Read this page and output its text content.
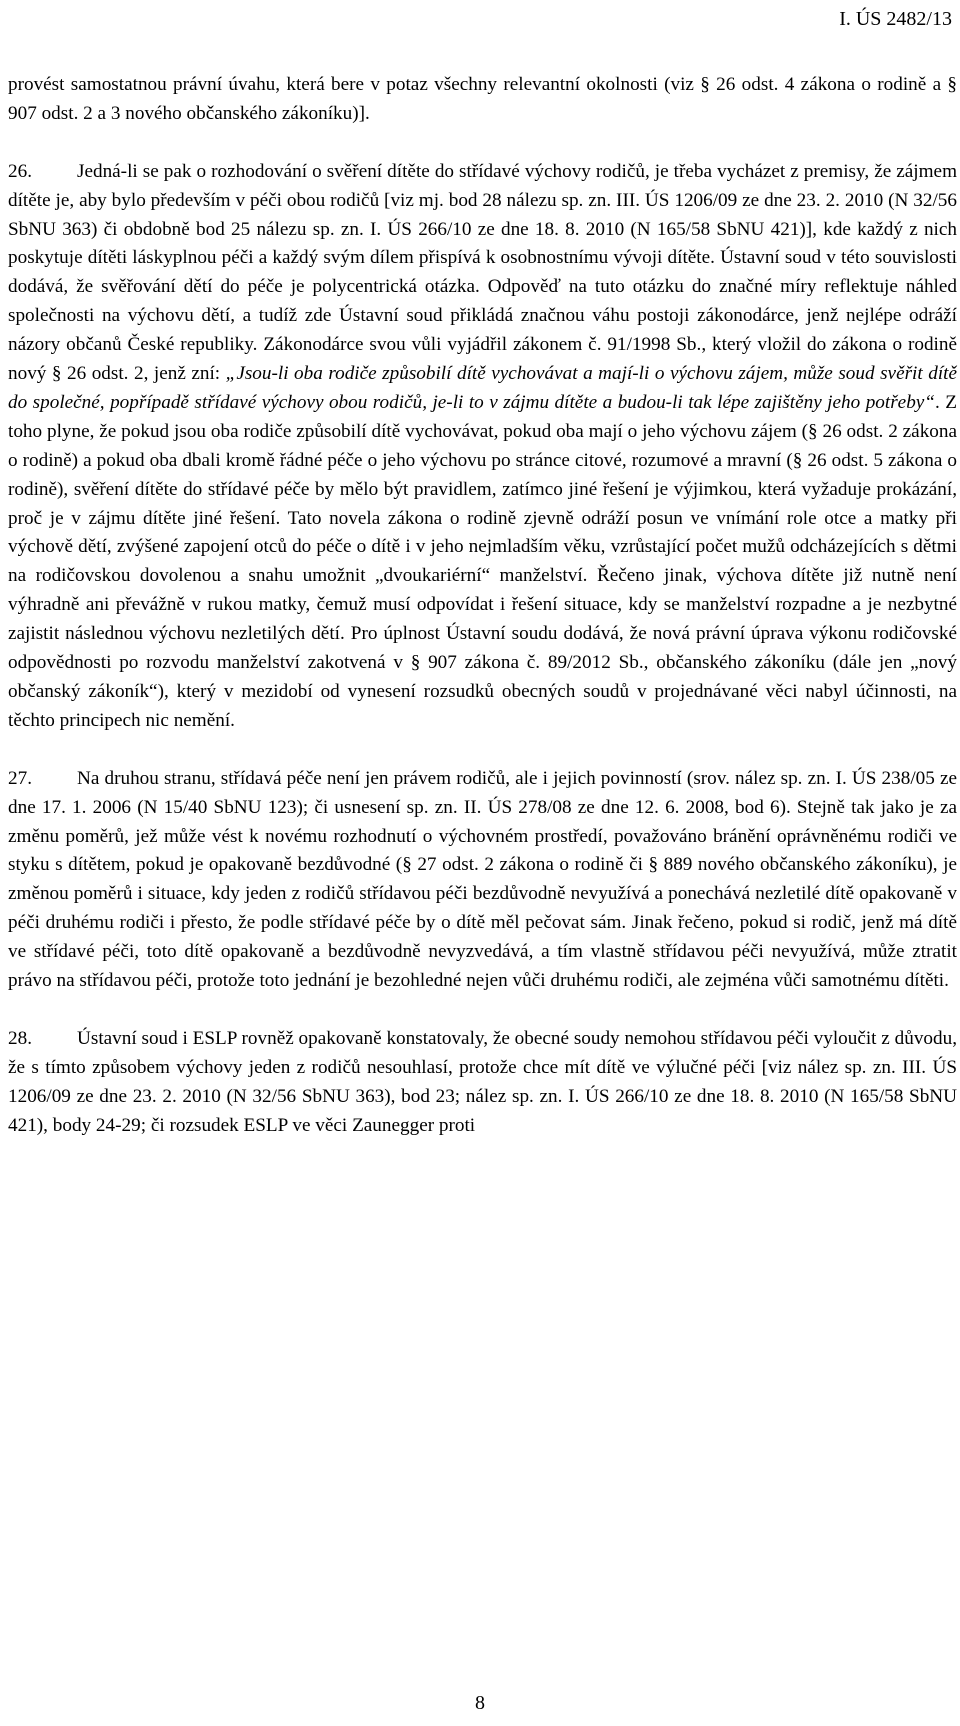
I. ÚS 2482/13

provést samostatnou právní úvahu, která bere v potaz všechny relevantní okolnosti (viz § 26 odst. 4 zákona o rodině a § 907 odst. 2 a 3 nového občanského zákoníku)].

26. Jedná-li se pak o rozhodování o svěření dítěte do střídavé výchovy rodičů, je třeba vycházet z premisy, že zájmem dítěte je, aby bylo především v péči obou rodičů [viz mj. bod 28 nálezu sp. zn. III. ÚS 1206/09 ze dne 23. 2. 2010 (N 32/56 SbNU 363) či obdobně bod 25 nálezu sp. zn. I. ÚS 266/10 ze dne 18. 8. 2010 (N 165/58 SbNU 421)], kde každý z nich poskytuje dítěti láskyplnou péči a každý svým dílem přispívá k osobnostnímu vývoji dítěte. Ústavní soud v této souvislosti dodává, že svěřování dětí do péče je polycentrická otázka. Odpověď na tuto otázku do značné míry reflektuje náhled společnosti na výchovu dětí, a tudíž zde Ústavní soud přikládá značnou váhu postoji zákonodárce, jenž nejlépe odráží názory občanů České republiky. Zákonodárce svou vůli vyjádřil zákonem č. 91/1998 Sb., který vložil do zákona o rodině nový § 26 odst. 2, jenž zní: „Jsou-li oba rodiče způsobilí dítě vychovávat a mají-li o výchovu zájem, může soud svěřit dítě do společné, popřípadě střídavé výchovy obou rodičů, je-li to v zájmu dítěte a budou-li tak lépe zajištěny jeho potřeby“. Z toho plyne, že pokud jsou oba rodiče způsobilí dítě vychovávat, pokud oba mají o jeho výchovu zájem (§ 26 odst. 2 zákona o rodině) a pokud oba dbali kromě řádné péče o jeho výchovu po stránce citové, rozumové a mravní (§ 26 odst. 5 zákona o rodině), svěření dítěte do střídavé péče by mělo být pravidlem, zatímco jiné řešení je výjimkou, která vyžaduje prokázání, proč je v zájmu dítěte jiné řešení. Tato novela zákona o rodině zjevně odráží posun ve vnímání role otce a matky při výchově dětí, zvýšené zapojení otců do péče o dítě i v jeho nejmladším věku, vzrůstající počet mužů odcházejících s dětmi na rodičovskou dovolenou a snahu umožnit „dvoukariérní“ manželství. Řečeno jinak, výchova dítěte již nutně není výhradně ani převážně v rukou matky, čemuž musí odpovídat i řešení situace, kdy se manželství rozpadne a je nezbytné zajistit následnou výchovu nezletilých dětí. Pro úplnost Ústavní soudu dodává, že nová právní úprava výkonu rodičovské odpovědnosti po rozvodu manželství zakotvená v § 907 zákona č. 89/2012 Sb., občanského zákoníku (dále jen „nový občanský zákoník“), který v mezidobí od vynesení rozsudků obecných soudů v projednávané věci nabyl účinnosti, na těchto principech nic nemění.

27. Na druhou stranu, střídavá péče není jen právem rodičů, ale i jejich povinností (srov. nález sp. zn. I. ÚS 238/05 ze dne 17. 1. 2006 (N 15/40 SbNU 123); či usnesení sp. zn. II. ÚS 278/08 ze dne 12. 6. 2008, bod 6). Stejně tak jako je za změnu poměrů, jež může vést k novému rozhodnutí o výchovném prostředí, považováno bránění oprávněnému rodiči ve styku s dítětem, pokud je opakovaně bezdůvodné (§ 27 odst. 2 zákona o rodině či § 889 nového občanského zákoníku), je změnou poměrů i situace, kdy jeden z rodičů střídavou péči bezdůvodně nevyužívá a ponechává nezletilé dítě opakovaně v péči druhému rodiči i přesto, že podle střídavé péče by o dítě měl pečovat sám. Jinak řečeno, pokud si rodič, jenž má dítě ve střídavé péči, toto dítě opakovaně a bezdůvodně nevyzvedává, a tím vlastně střídavou péči nevyužívá, může ztratit právo na střídavou péči, protože toto jednání je bezohledné nejen vůči druhému rodiči, ale zejména vůči samotnému dítěti.

28. Ústavní soud i ESLP rovněž opakovaně konstatovaly, že obecné soudy nemohou střídavou péči vyloučit z důvodu, že s tímto způsobem výchovy jeden z rodičů nesouhlasí, protože chce mít dítě ve výlučné péči [viz nález sp. zn. III. ÚS 1206/09 ze dne 23. 2. 2010 (N 32/56 SbNU 363), bod 23; nález sp. zn. I. ÚS 266/10 ze dne 18. 8. 2010 (N 165/58 SbNU 421), body 24-29; či rozsudek ESLP ve věci Zaunegger proti

8
